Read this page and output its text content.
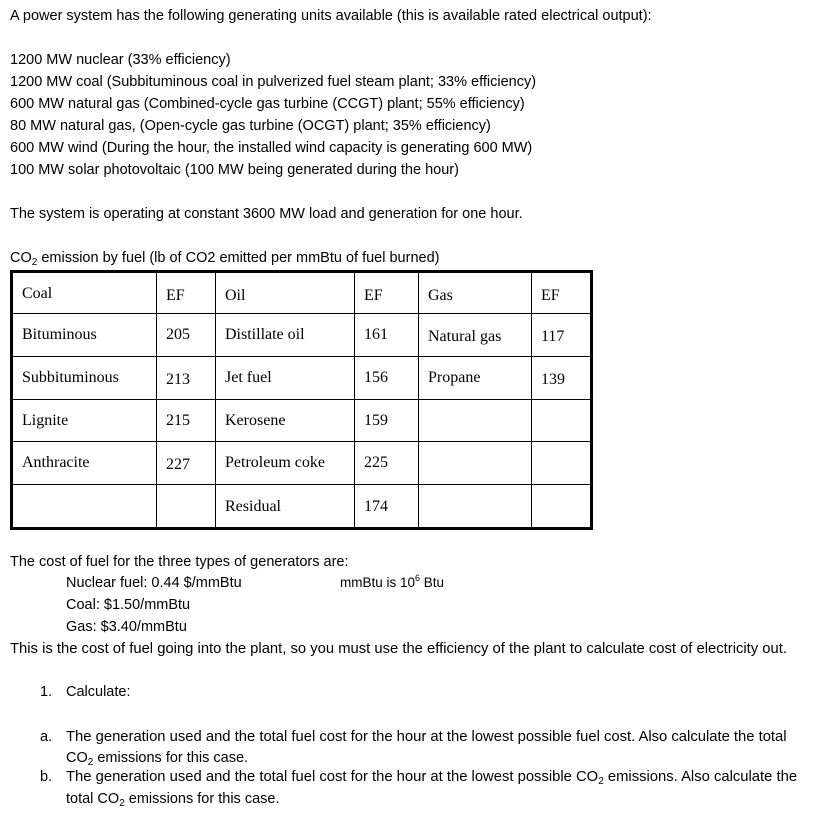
A power system has the following generating units available (this is available rated electrical output):
1200 MW nuclear (33% efficiency)
1200 MW coal (Subbituminous coal in pulverized fuel steam plant; 33% efficiency)
600 MW natural gas (Combined-cycle gas turbine (CCGT) plant; 55% efficiency)
80 MW natural gas, (Open-cycle gas turbine (OCGT) plant; 35% efficiency)
600 MW wind (During the hour, the installed wind capacity is generating 600 MW)
100 MW solar photovoltaic (100 MW being generated during the hour)
The system is operating at constant 3600 MW load and generation for one hour.
$CO_2$ emission by fuel (lb of CO2 emitted per mmBtu of fuel burned)
Coal	EF	Oil	EF	Gas	EF
Bituminous	205	Distillate oil	161	Natural gas	117
Subbituminous	213	Jet fuel	156	Propane	139
Lignite	215	Kerosene	159		
Anthracite	227	Petroleum coke	225		
		Residual	174		
The cost of fuel for the three types of generators are:
Nuclear fuel: 0.44 $/mmBtu	mmBtu is $10^6$ Btu
Coal: $1.50/mmBtu
Gas: $3.40/mmBtu
This is the cost of fuel going into the plant, so you must use the efficiency of the plant to calculate cost of electricity out.
1. Calculate:
a. The generation used and the total fuel cost for the hour at the lowest possible fuel cost. Also calculate the total
$CO_2$ emissions for this case.
b. The generation used and the total fuel cost for the hour at the lowest possible $CO_2$ emissions. Also calculate the
total $CO_2$ emissions for this case.
